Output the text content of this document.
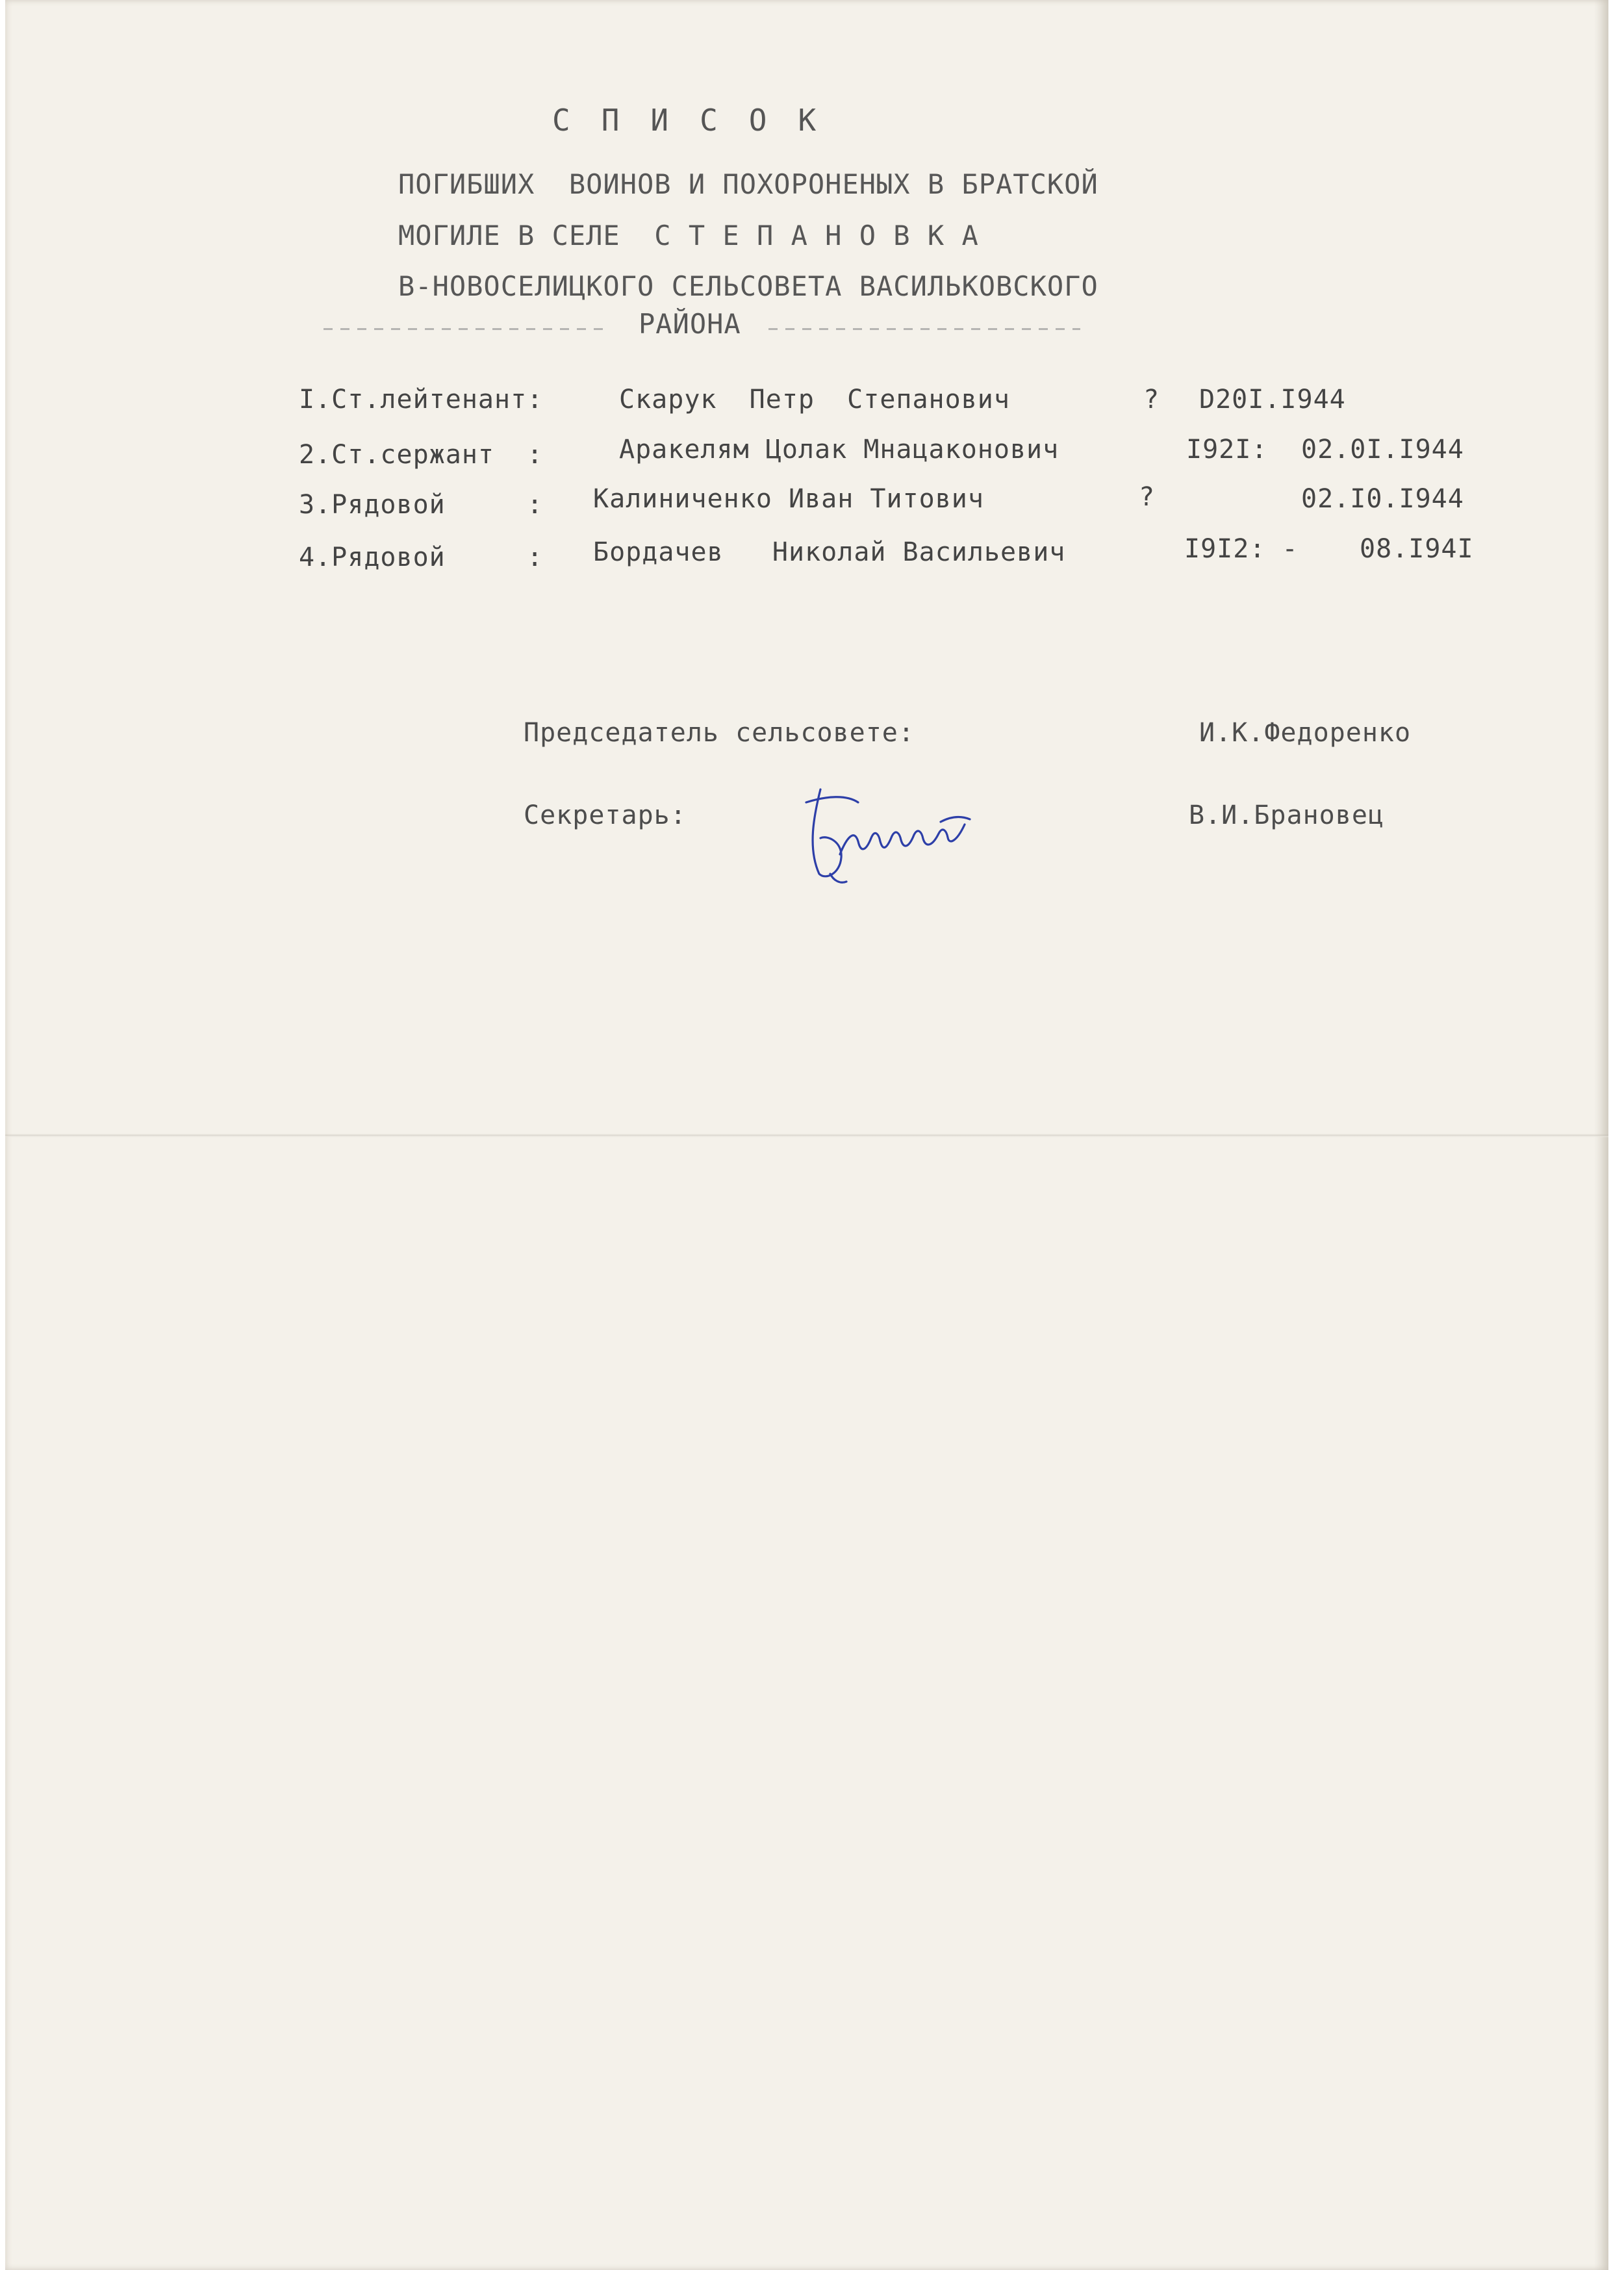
СПИСОК
ПОГИБШИХ  ВОИНОВ И ПОХОРОНЕНЫХ В БРАТСКОЙ
МОГИЛЕ В СЕЛЕ  С Т Е П А Н О В К А
В-НОВОСЕЛИЦКОГО СЕЛЬСОВЕТА ВАСИЛЬКОВСКОГО
РАЙОНА
I.Ст.лейтенант:	Скарук  Петр  Степанович	? D20I.I944
2.Ст.сержант  :	Аракелям Цолак Мнацаконович	I92I: 02.0I.I944
3.Рядовой     : Калиниченко Иван Титович	?	02.I0.I944
4.Рядовой     : Бордачев   Николай Васильевич	I9I2: - 08.I94I
Председатель сельсовете:	И.К.Федоренко
Секретарь:	В.И.Брановец
